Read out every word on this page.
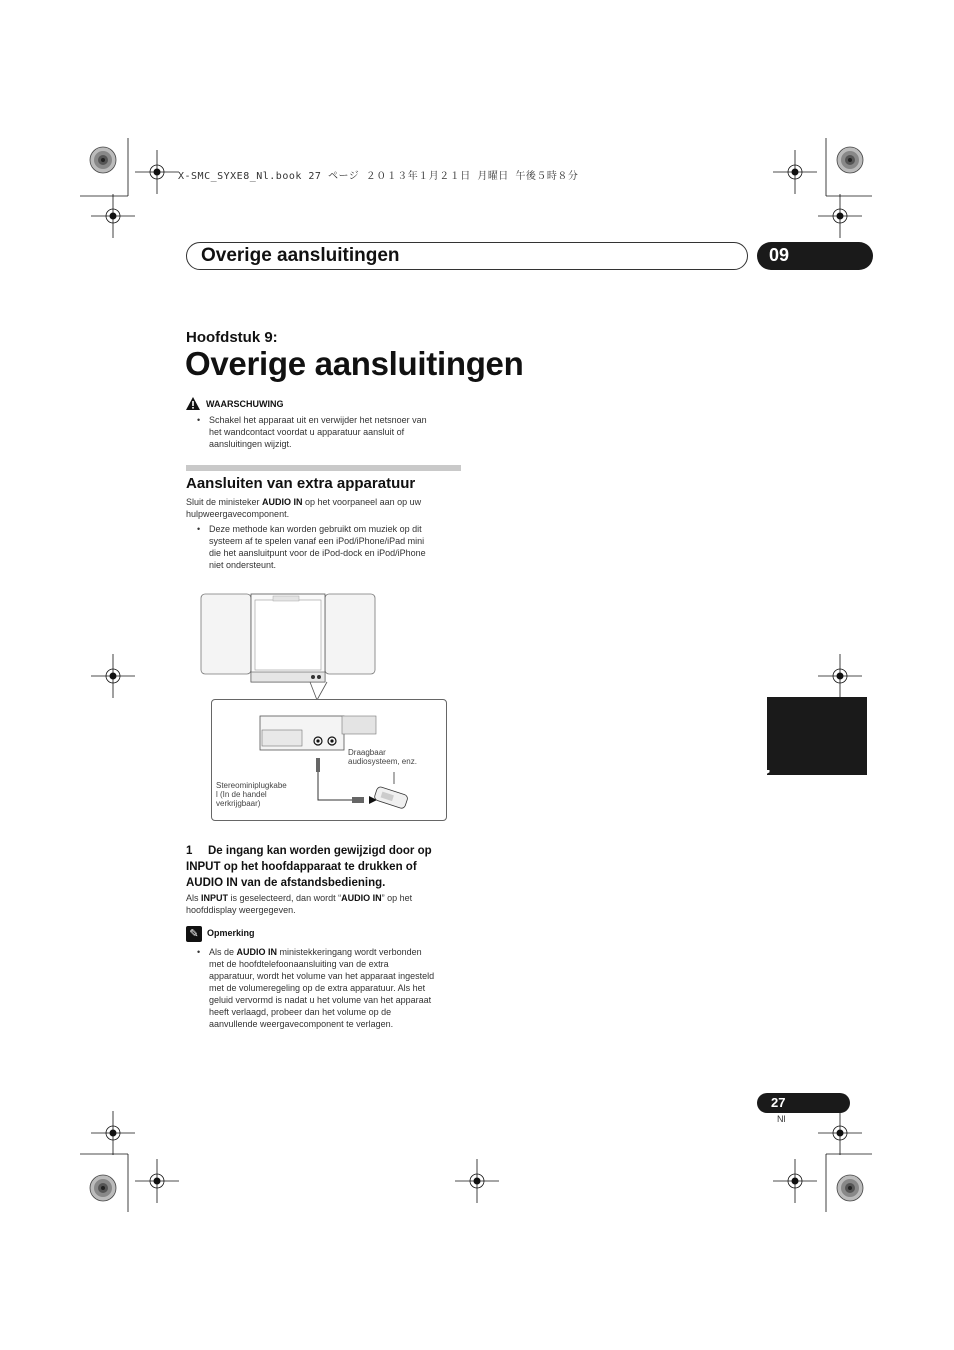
X-SMC_SYXE8_Nl.book 27 ページ ２０１３年１月２１日 月曜日 午後５時８分
Overige aansluitingen	09
Hoofdstuk 9:
Overige aansluitingen
WAARSCHUWING
• Schakel het apparaat uit en verwijder het netsnoer van
het wandcontact voordat u apparatuur aansluit of
aansluitingen wijzigt.
Aansluiten van extra apparatuur
Sluit de ministeker AUDIO IN op het voorpaneel aan op uw
hulpweergavecomponent.
• Deze methode kan worden gebruikt om muziek op dit
systeem af te spelen vanaf een iPod/iPhone/iPad mini
die het aansluitpunt voor de iPod-dock en iPod/iPhone
niet ondersteunt.
Draagbaar
audiosysteem, enz.
Stereominiplugkabe
l (In de handel
verkrijgbaar)
1	De ingang kan worden gewijzigd door op
INPUT op het hoofdapparaat te drukken of
AUDIO IN van de afstandsbediening.
Als INPUT is geselecteerd, dan wordt “AUDIO IN” op het
hoofddisplay weergegeven.
✎ Opmerking
• Als de AUDIO IN ministekkeringang wordt verbonden
met de hoofdtelefoonaansluiting van de extra
apparatuur, wordt het volume van het apparaat ingesteld
met de volumeregeling op de extra apparatuur. Als het
geluid vervormd is nadat u het volume van het apparaat
heeft verlaagd, probeer dan het volume op de
aanvullende weergavecomponent te verlagen.
Nederlands
27
Nl
